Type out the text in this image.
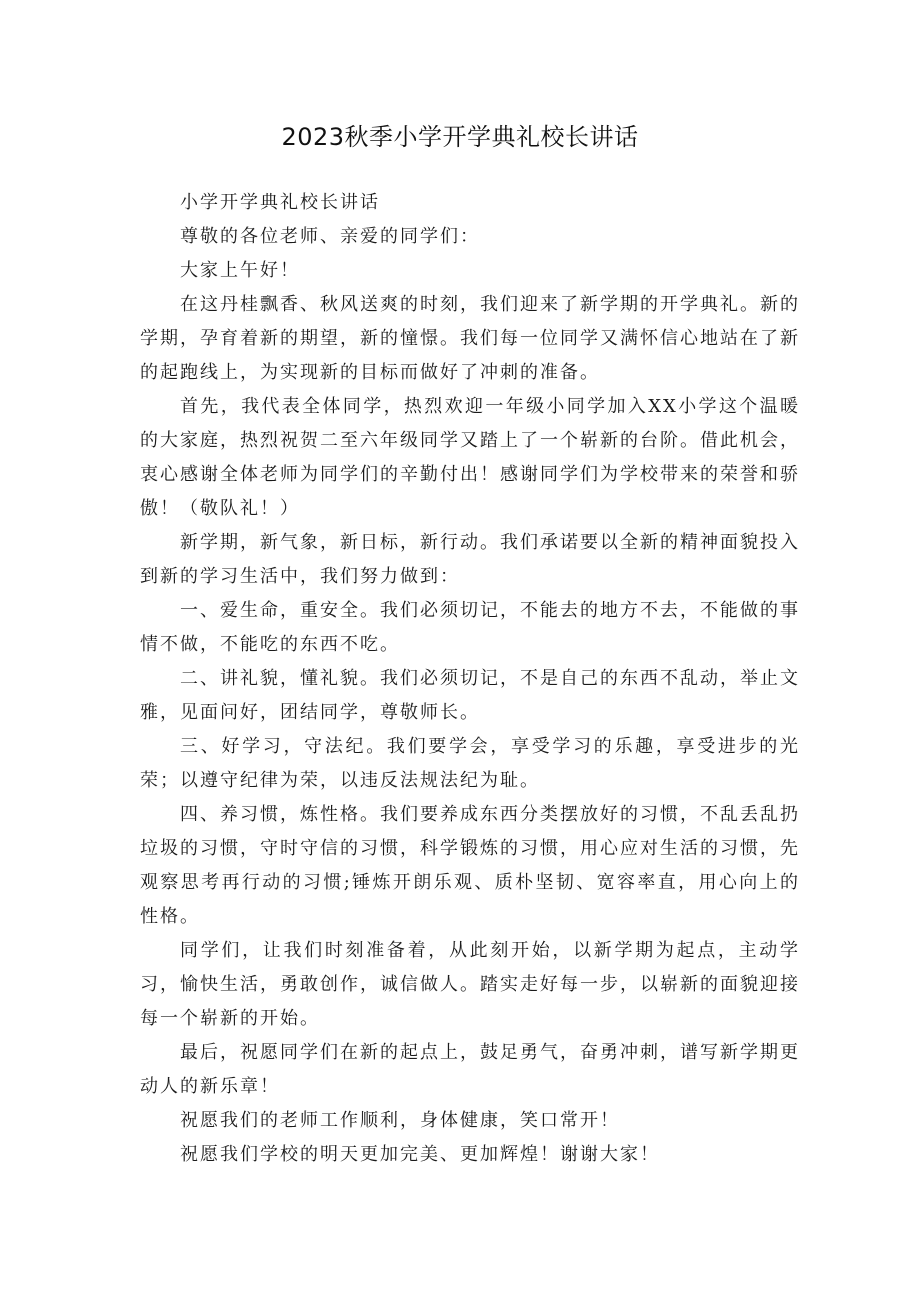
2023秋季小学开学典礼校长讲话

小学开学典礼校长讲话

尊敬的各位老师、亲爱的同学们：

大家上午好！

在这丹桂飘香、秋风送爽的时刻，我们迎来了新学期的开学典礼。新的学期，孕育着新的期望，新的憧憬。我们每一位同学又满怀信心地站在了新的起跑线上，为实现新的目标而做好了冲刺的准备。

首先，我代表全体同学，热烈欢迎一年级小同学加入XX小学这个温暖的大家庭，热烈祝贺二至六年级同学又踏上了一个崭新的台阶。借此机会，衷心感谢全体老师为同学们的辛勤付出！感谢同学们为学校带来的荣誉和骄傲！（敬队礼！）

新学期，新气象，新日标，新行动。我们承诺要以全新的精神面貌投入到新的学习生活中，我们努力做到：

一、爱生命，重安全。我们必须切记，不能去的地方不去，不能做的事情不做，不能吃的东西不吃。

二、讲礼貌，懂礼貌。我们必须切记，不是自己的东西不乱动，举止文雅，见面问好，团结同学，尊敬师长。

三、好学习，守法纪。我们要学会，享受学习的乐趣，享受进步的光荣；以遵守纪律为荣，以违反法规法纪为耻。

四、养习惯，炼性格。我们要养成东西分类摆放好的习惯，不乱丢乱扔垃圾的习惯，守时守信的习惯，科学锻炼的习惯，用心应对生活的习惯，先观察思考再行动的习惯;锤炼开朗乐观、质朴坚韧、宽容率直，用心向上的性格。

同学们，让我们时刻准备着，从此刻开始，以新学期为起点，主动学习，愉快生活，勇敢创作，诚信做人。踏实走好每一步，以崭新的面貌迎接每一个崭新的开始。

最后，祝愿同学们在新的起点上，鼓足勇气，奋勇冲刺，谱写新学期更动人的新乐章！

祝愿我们的老师工作顺利，身体健康，笑口常开！

祝愿我们学校的明天更加完美、更加辉煌！谢谢大家！
